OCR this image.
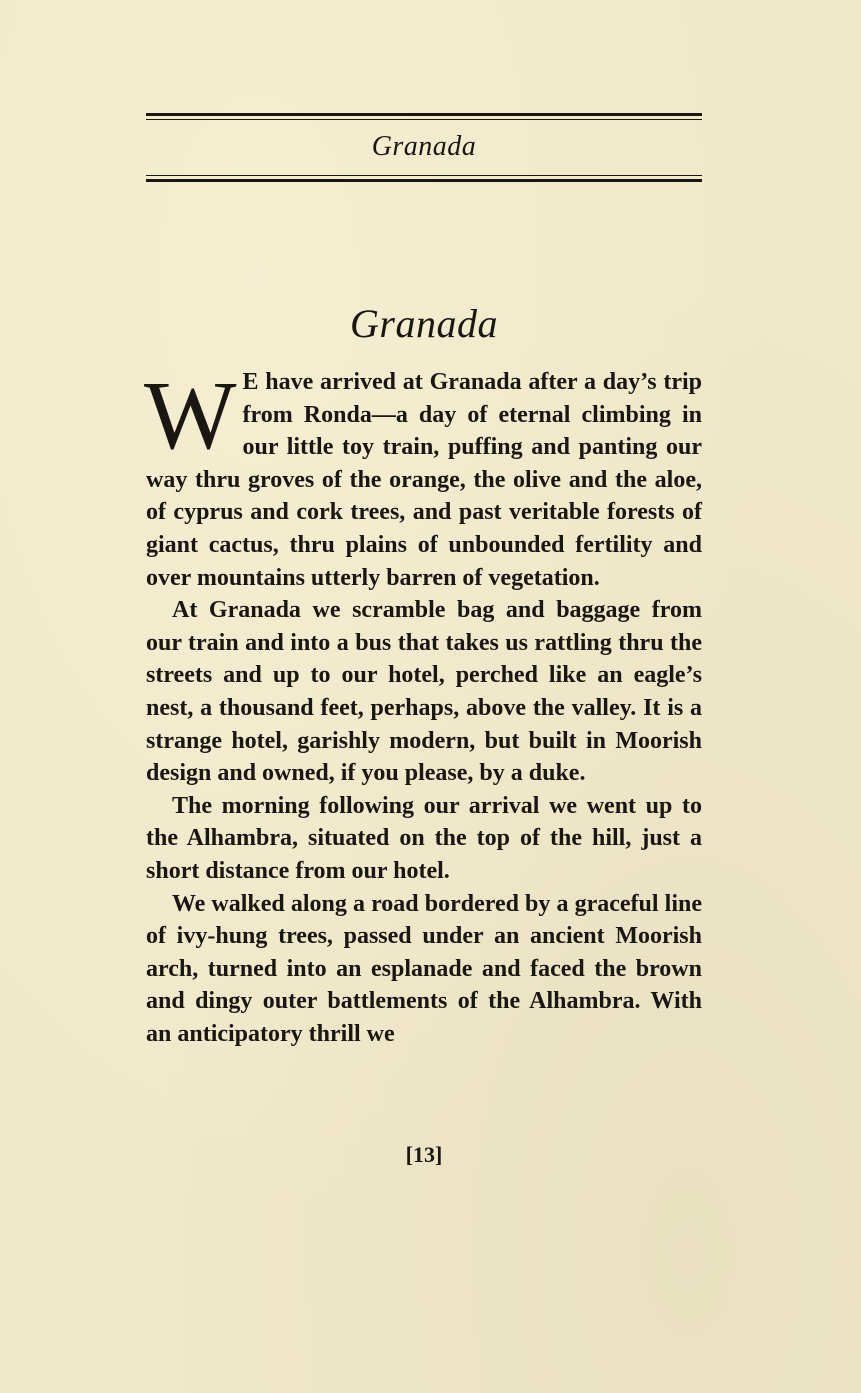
Granada
Granada

W E have arrived at Granada after a day’s trip from Ronda—a day of eternal climbing in our little toy train, puffing and panting our way thru groves of the orange, the olive and the aloe, of cyprus and cork trees, and past veritable forests of giant cactus, thru plains of unbounded fertility and over mountains utterly barren of vegetation.

At Granada we scramble bag and baggage from our train and into a bus that takes us rattling thru the streets and up to our hotel, perched like an eagle’s nest, a thousand feet, perhaps, above the valley. It is a strange hotel, garishly modern, but built in Moorish design and owned, if you please, by a duke.

The morning following our arrival we went up to the Alhambra, situated on the top of the hill, just a short distance from our hotel.

We walked along a road bordered by a graceful line of ivy-hung trees, passed under an ancient Moorish arch, turned into an esplanade and faced the brown and dingy outer battlements of the Alhambra. With an anticipatory thrill we

[13]
